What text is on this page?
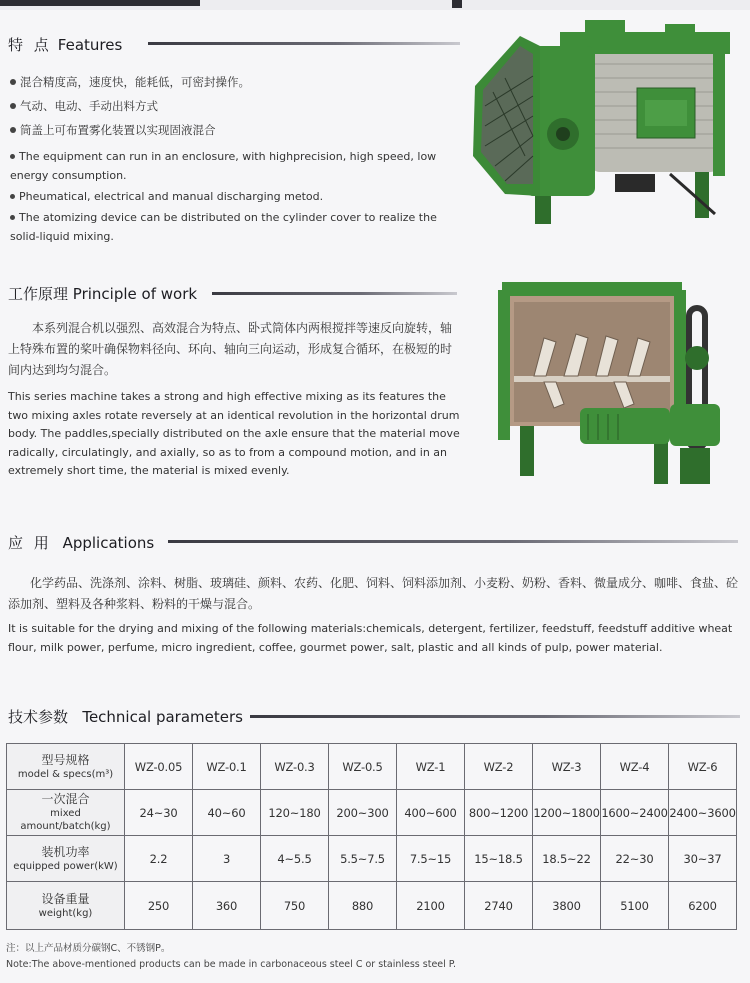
特 点 Features
混合精度高，速度快，能耗低，可密封操作。
气动、电动、手动出料方式
筒盖上可布置雾化装置以实现固液混合
The equipment can run in an enclosure, with highprecision, high speed, low energy consumption.
Pheumatical, electrical and manual discharging metod.
The atomizing device can be distributed on the cylinder cover to realize the solid-liquid mixing.
工作原理 Principle of work
本系列混合机以强烈、高效混合为特点、卧式筒体内两根搅拌等速反向旋转，轴上特殊布置的桨叶确保物料径向、环向、轴向三向运动，形成复合循环，在极短的时间内达到均匀混合。
This series machine takes a strong and high effective mixing as its features the two mixing axles rotate reversely at an identical revolution in the horizontal drum body. The paddles,specially distributed on the axle ensure that the material move radically, circulatingly, and axially, so as to from a compound motion, and in an extremely short time, the material is mixed evenly.
应 用 Applications
化学药品、洗涤剂、涂料、树脂、玻璃硅、颜料、农药、化肥、饲料、饲料添加剂、小麦粉、奶粉、香料、微量成分、咖啡、食盐、砼添加剂、塑料及各种浆料、粉料的干燥与混合。
It is suitable for the drying and mixing of the following materials:chemicals, detergent, fertilizer, feedstuff, feedstuff additive wheat flour, milk power, perfume, micro ingredient, coffee, gourmet power, salt, plastic and all kinds of pulp, power material.
技术参数 Technical parameters
型号规格
model & specs(m³)	WZ-0.05	WZ-0.1	WZ-0.3	WZ-0.5	WZ-1	WZ-2	WZ-3	WZ-4	WZ-6

一次混合
mixed amount/batch(kg)	24~30	40~60	120~180	200~300	400~600	800~1200	1200~1800	1600~2400	2400~3600

装机功率
equipped power(kW)	2.2	3	4~5.5	5.5~7.5	7.5~15	15~18.5	18.5~22	22~30	30~37

设备重量
weight(kg)	250	360	750	880	2100	2740	3800	5100	6200
注：以上产品材质分碳钢C、不锈钢P。
Note:The above-mentioned products can be made in carbonaceous steel C or stainless steel P.
